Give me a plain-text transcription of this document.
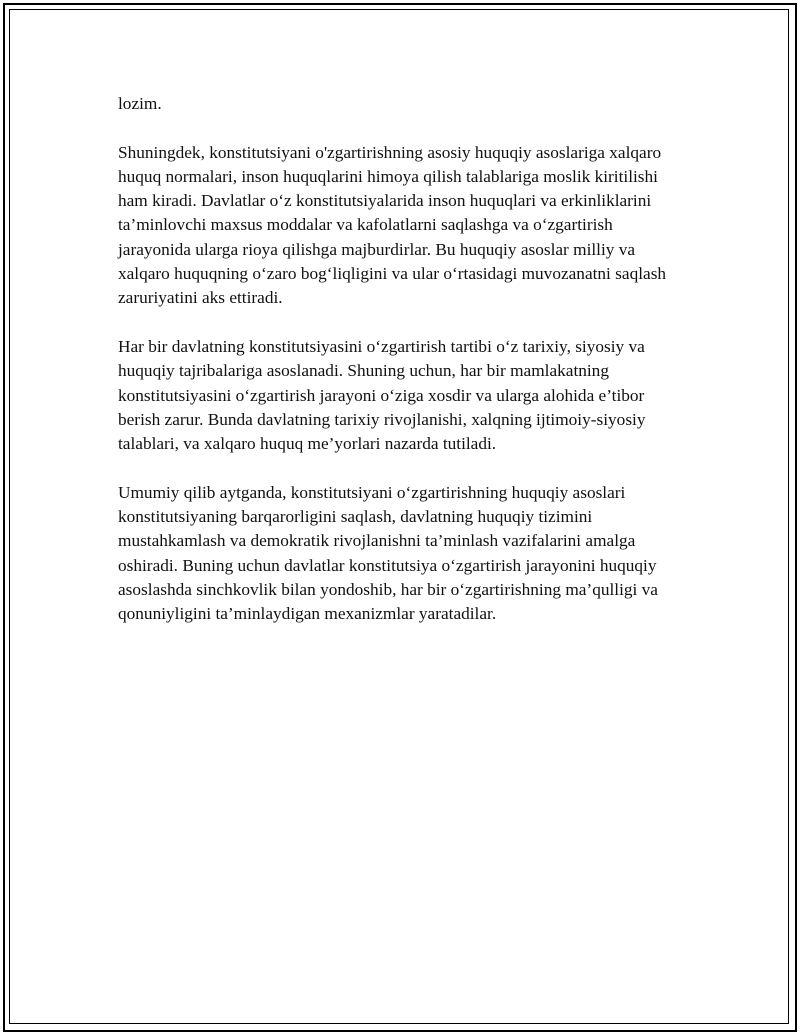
lozim.

Shuningdek, konstitutsiyani o'zgartirishning asosiy huquqiy asoslariga xalqaro huquq normalari, inson huquqlarini himoya qilish talablariga moslik kiritilishi ham kiradi. Davlatlar o‘z konstitutsiyalarida inson huquqlari va erkinliklarini ta’minlovchi maxsus moddalar va kafolatlarni saqlashga va o‘zgartirish jarayonida ularga rioya qilishga majburdirlar. Bu huquqiy asoslar milliy va xalqaro huquqning o‘zaro bog‘liqligini va ular o‘rtasidagi muvozanatni saqlash zaruriyatini aks ettiradi.

Har bir davlatning konstitutsiyasini o‘zgartirish tartibi o‘z tarixiy, siyosiy va huquqiy tajribalariga asoslanadi. Shuning uchun, har bir mamlakatning konstitutsiyasini o‘zgartirish jarayoni o‘ziga xosdir va ularga alohida e’tibor berish zarur. Bunda davlatning tarixiy rivojlanishi, xalqning ijtimoiy-siyosiy talablari, va xalqaro huquq me’yorlari nazarda tutiladi.

Umumiy qilib aytganda, konstitutsiyani o‘zgartirishning huquqiy asoslari konstitutsiyaning barqarorligini saqlash, davlatning huquqiy tizimini mustahkamlash va demokratik rivojlanishni ta’minlash vazifalarini amalga oshiradi. Buning uchun davlatlar konstitutsiya o‘zgartirish jarayonini huquqiy asoslashda sinchkovlik bilan yondoshib, har bir o‘zgartirishning ma’qulligi va qonuniyligini ta’minlaydigan mexanizmlar yaratadilar.
